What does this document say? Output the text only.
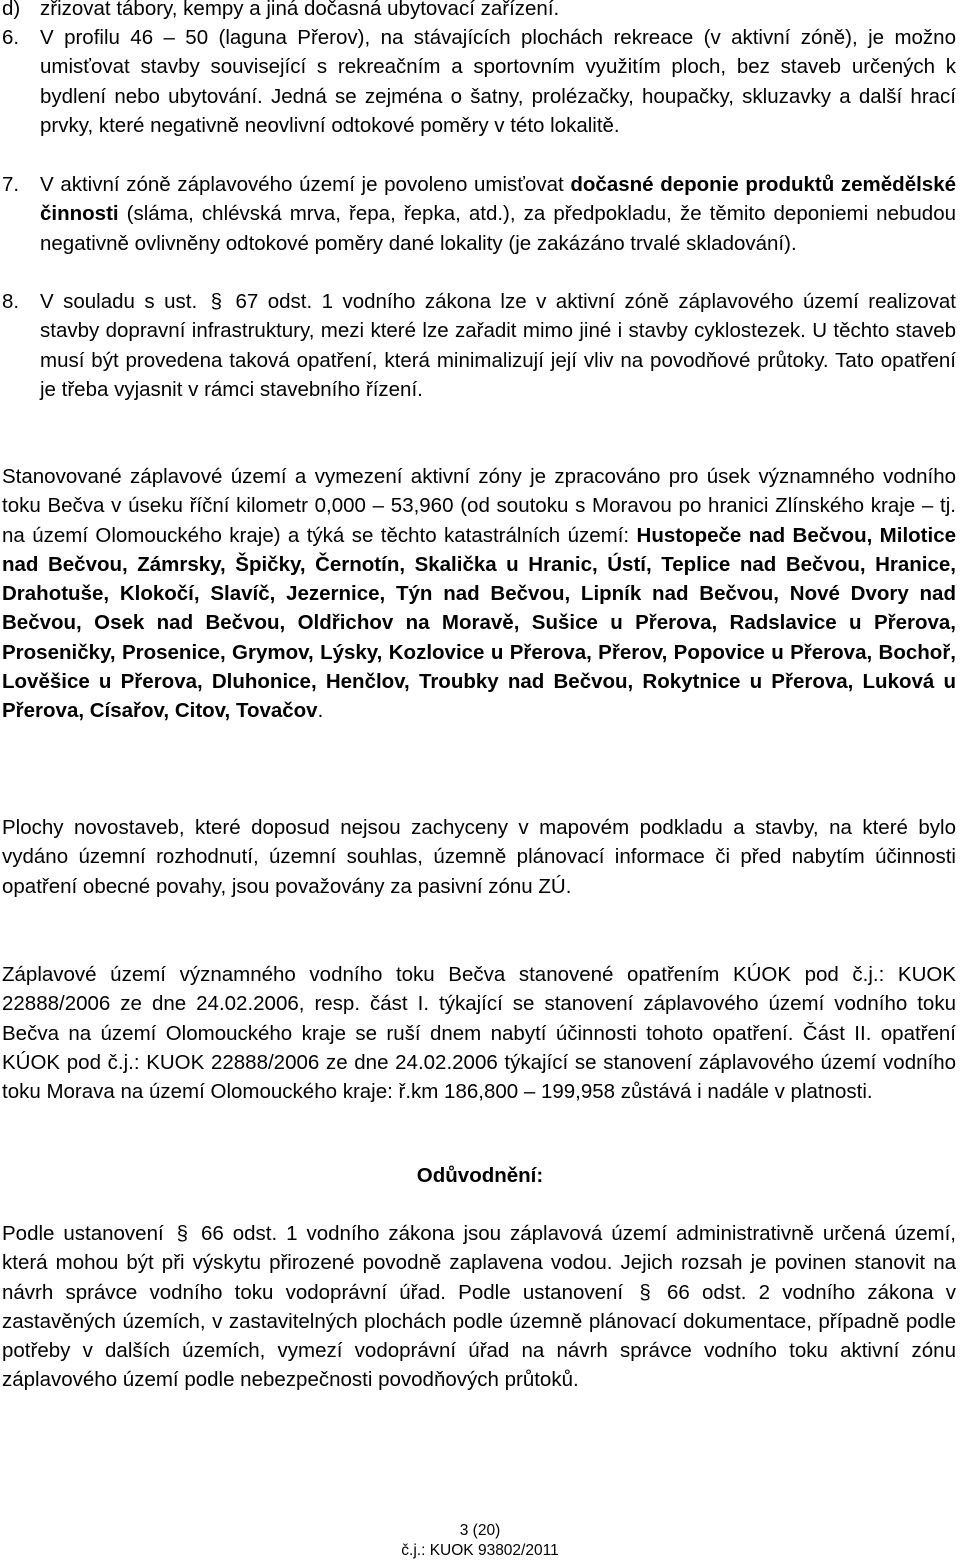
d) zřizovat tábory, kempy a jiná dočasná ubytovací zařízení.
6.	V profilu 46 – 50 (laguna Přerov), na stávajících plochách rekreace (v aktivní zóně), je možno umisťovat stavby související s rekreačním a sportovním využitím ploch, bez staveb určených k bydlení nebo ubytování. Jedná se zejména o šatny, prolézačky, houpačky, skluzavky a další hrací prvky, které negativně neovlivní odtokové poměry v této lokalitě.
7.	V aktivní zóně záplavového území je povoleno umisťovat dočasné deponie produktů zemědělské činnosti (sláma, chlévská mrva, řepa, řepka, atd.), za předpokladu, že těmito deponiemi nebudou negativně ovlivněny odtokové poměry dané lokality (je zakázáno trvalé skladování).
8.	V souladu s ust. § 67 odst. 1 vodního zákona lze v aktivní zóně záplavového území realizovat stavby dopravní infrastruktury, mezi které lze zařadit mimo jiné i stavby cyklostezek. U těchto staveb musí být provedena taková opatření, která minimalizují její vliv na povodňové průtoky. Tato opatření je třeba vyjasnit v rámci stavebního řízení.
Stanovované záplavové území a vymezení aktivní zóny je zpracováno pro úsek významného vodního toku Bečva v úseku říční kilometr 0,000 – 53,960 (od soutoku s Moravou po hranici Zlínského kraje – tj. na území Olomouckého kraje) a týká se těchto katastrálních území: Hustopeče nad Bečvou, Milotice nad Bečvou, Zámrsky, Špičky, Černotín, Skalička u Hranic, Ústí, Teplice nad Bečvou, Hranice, Drahotuše, Klokočí, Slavíč, Jezernice, Týn nad Bečvou, Lipník nad Bečvou, Nové Dvory nad Bečvou, Osek nad Bečvou, Oldřichov na Moravě, Sušice u Přerova, Radslavice u Přerova, Proseničky, Prosenice, Grymov, Lýsky, Kozlovice u Přerova, Přerov, Popovice u Přerova, Bochoř, Lověšice u Přerova, Dluhonice, Henčlov, Troubky nad Bečvou, Rokytnice u Přerova, Luková u Přerova, Císařov, Citov, Tovačov.
Plochy novostaveb, které doposud nejsou zachyceny v mapovém podkladu a stavby, na které bylo vydáno územní rozhodnutí, územní souhlas, územně plánovací informace či před nabytím účinnosti opatření obecné povahy, jsou považovány za pasivní zónu ZÚ.
Záplavové území významného vodního toku Bečva stanovené opatřením KÚOK pod č.j.: KUOK 22888/2006 ze dne 24.02.2006, resp. část I. týkající se stanovení záplavového území vodního toku Bečva na území Olomouckého kraje se ruší dnem nabytí účinnosti tohoto opatření. Část II. opatření KÚOK pod č.j.: KUOK 22888/2006 ze dne 24.02.2006 týkající se stanovení záplavového území vodního toku Morava na území Olomouckého kraje: ř.km 186,800 – 199,958 zůstává i nadále v platnosti.
Odůvodnění:
Podle ustanovení § 66 odst. 1 vodního zákona jsou záplavová území administrativně určená území, která mohou být při výskytu přirozené povodně zaplavena vodou. Jejich rozsah je povinen stanovit na návrh správce vodního toku vodoprávní úřad. Podle ustanovení § 66 odst. 2 vodního zákona v zastavěných územích, v zastavitelných plochách podle územně plánovací dokumentace, případně podle potřeby v dalších územích, vymezí vodoprávní úřad na návrh správce vodního toku aktivní zónu záplavového území podle nebezpečnosti povodňových průtoků.
3 (20)
č.j.: KUOK 93802/2011
